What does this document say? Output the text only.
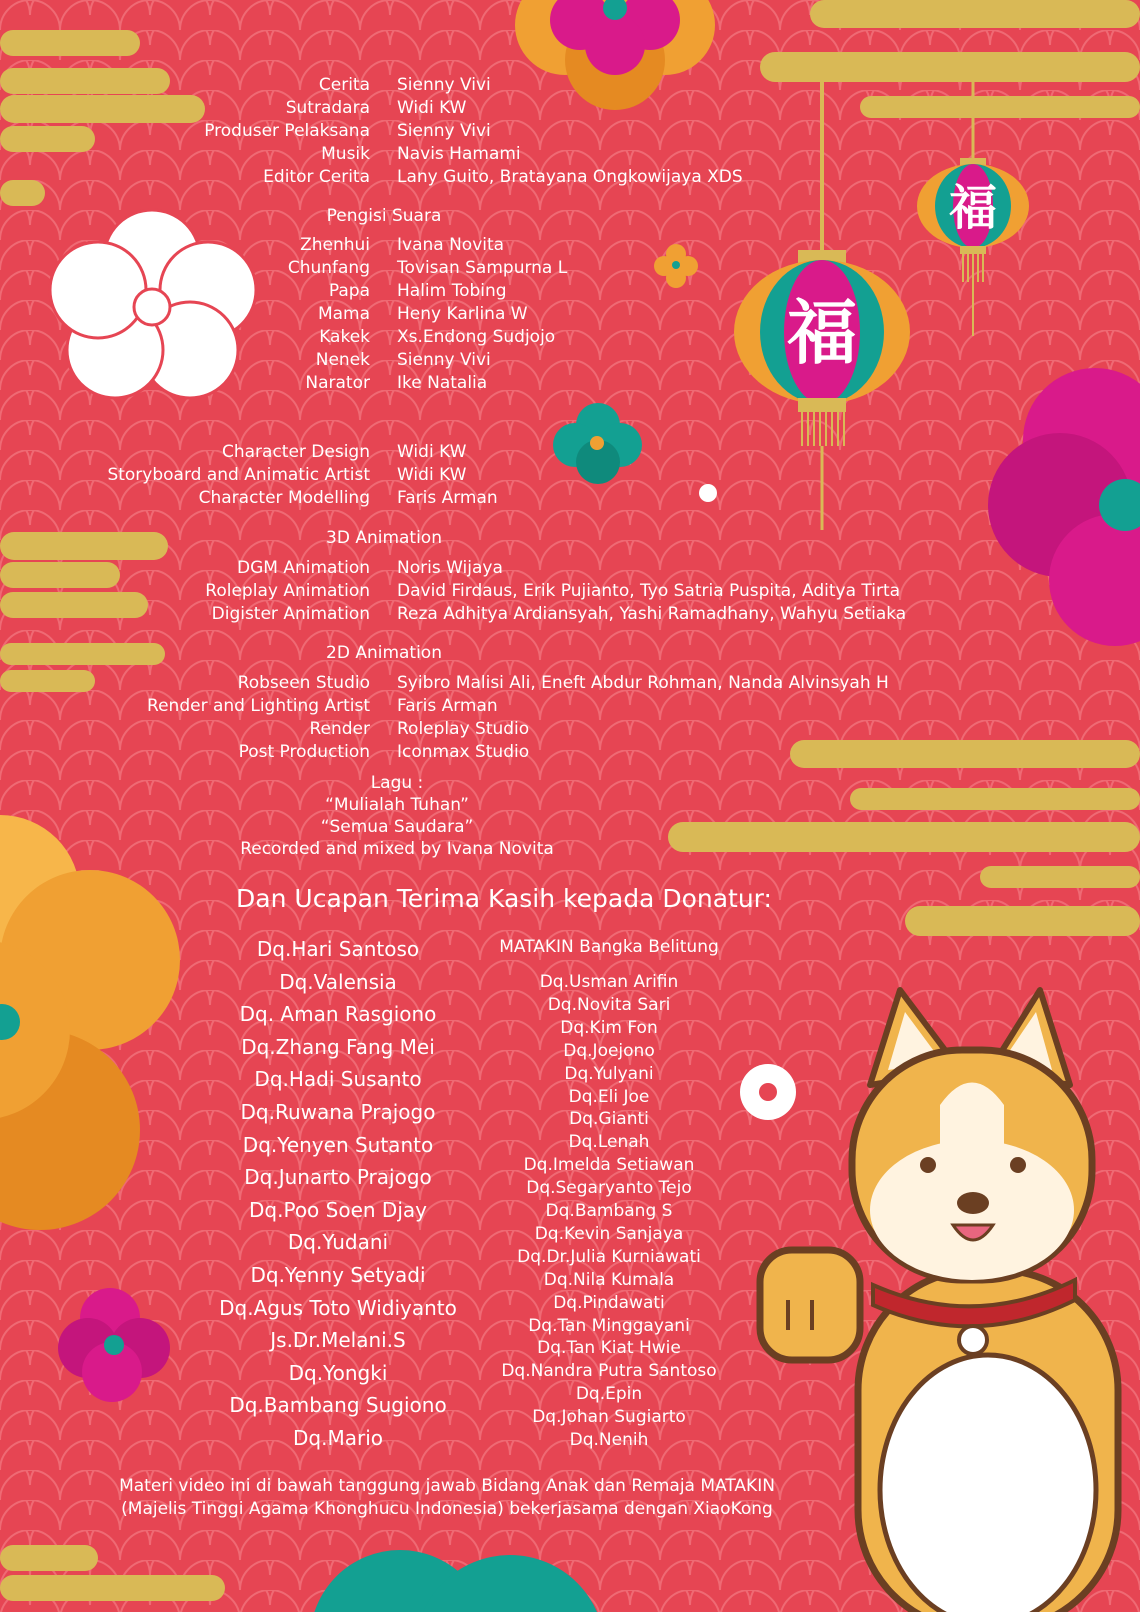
福
福
Cerita Sienny Vivi
Sutradara Widi KW
Produser Pelaksana Sienny Vivi
Musik Navis Hamami
Editor Cerita Lany Guito, Bratayana Ongkowijaya XDS
Zhenhui Ivana Novita
Chunfang Tovisan Sampurna L
Papa Halim Tobing
Mama Heny Karlina W
Kakek Xs.Endong Sudjojo
Nenek Sienny Vivi
Narator Ike Natalia
Character Design Widi KW
Storyboard and Animatic Artist Widi KW
Character Modelling Faris Arman
DGM Animation Noris Wijaya
Roleplay Animation David Firdaus, Erik Pujianto, Tyo Satria Puspita, Aditya Tirta
Digister Animation Reza Adhitya Ardiansyah, Yashi Ramadhany, Wahyu Setiaka
Robseen Studio Syibro Malisi Ali, Eneft Abdur Rohman, Nanda Alvinsyah H
Render and Lighting Artist Faris Arman
Render Roleplay Studio
Post Production Iconmax Studio
Pengisi Suara
3D Animation
2D Animation
Lagu :
“Mulialah Tuhan”
“Semua Saudara”
Recorded and mixed by Ivana Novita
Dan Ucapan Terima Kasih kepada Donatur:
Dq.Hari Santoso
Dq.Valensia
Dq. Aman Rasgiono
Dq.Zhang Fang Mei
Dq.Hadi Susanto
Dq.Ruwana Prajogo
Dq.Yenyen Sutanto
Dq.Junarto Prajogo
Dq.Poo Soen Djay
Dq.Yudani
Dq.Yenny Setyadi
Dq.Agus Toto Widiyanto
Js.Dr.Melani.S
Dq.Yongki
Dq.Bambang Sugiono
Dq.Mario
MATAKIN Bangka Belitung
Dq.Usman Arifin
Dq.Novita Sari
Dq.Kim Fon
Dq.Joejono
Dq.Yulyani
Dq.Eli Joe
Dq.Gianti
Dq.Lenah
Dq.Imelda Setiawan
Dq.Segaryanto Tejo
Dq.Bambang S
Dq.Kevin Sanjaya
Dq.Dr.Julia Kurniawati
Dq.Nila Kumala
Dq.Pindawati
Dq.Tan Minggayani
Dq.Tan Kiat Hwie
Dq.Nandra Putra Santoso
Dq.Epin
Dq.Johan Sugiarto
Dq.Nenih
Materi video ini di bawah tanggung jawab Bidang Anak dan Remaja MATAKIN
(Majelis Tinggi Agama Khonghucu Indonesia) bekerjasama dengan XiaoKong
